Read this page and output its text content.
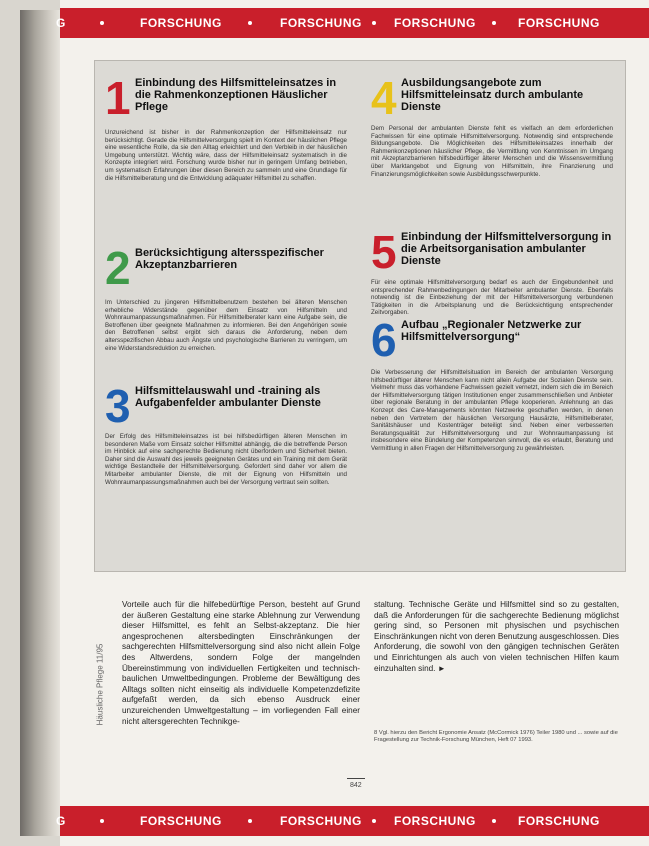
G	FORSCHUNG	FORSCHUNG	FORSCHUNG	FORSCHUNG
1 Einbindung des Hilfsmitteleinsatzes in die Rahmenkonzeptionen Häuslicher Pflege
Unzureichend ist bisher in der Rahmenkonzeption der Hilfsmitteleinsatz nur berücksichtigt. Gerade die Hilfsmittelversorgung spielt im Kontext der häuslichen Pflege eine wesentliche Rolle, da sie den Alltag erleichtert und den Verbleib in der häuslichen Umgebung unterstützt. Wichtig wäre, dass der Hilfsmitteleinsatz systematisch in die Konzepte integriert wird. Forschung wurde bisher nur in geringem Umfang betrieben, um systematisch Erfahrungen über diesen Bereich zu sammeln und eine Grundlage für die Hilfsmittelberatung und die Entwicklung adäquater Hilfsmittel zu schaffen.
2 Berücksichtigung altersspezifischer Akzeptanzbarrieren
Im Unterschied zu jüngeren Hilfsmittelbenutzern bestehen bei älteren Menschen erhebliche Widerstände gegenüber dem Einsatz von Hilfsmitteln und Wohnraumanpassungsmaßnahmen. Für Hilfsmittelberater kann eine Aufgabe sein, die Betroffenen über geeignete Maßnahmen zu informieren. Bei den Angehörigen sowie den Betroffenen selbst ergibt sich daraus die Anforderung, neben dem altersspezifischen Abbau auch Ängste und psychologische Barrieren zu verringern, um eine Widerstandsreduktion zu erreichen.
3 Hilfsmittelauswahl und -training als Aufgabenfelder ambulanter Dienste
Der Erfolg des Hilfsmitteleinsatzes ist bei hilfsbedürftigen älteren Menschen im besonderen Maße vom Einsatz solcher Hilfsmittel abhängig, die die betreffende Person im Hinblick auf eine sachgerechte Bedienung nicht überfordern und Sicherheit bieten. Daher sind die Auswahl des jeweils geeigneten Gerätes und ein Training mit dem Gerät wichtige Bestandteile der Hilfsmittelversorgung. Gefordert sind daher vor allem die Mitarbeiter ambulanter Dienste, die mit der Eignung von Hilfsmitteln und Wohnraumanpassungsmaßnahmen auch bei der Versorgung vertraut sein sollten.
4 Ausbildungsangebote zum Hilfsmitteleinsatz durch ambulante Dienste
Dem Personal der ambulanten Dienste fehlt es vielfach an dem erforderlichen Fachwissen für eine optimale Hilfsmittelversorgung. Notwendig sind entsprechende Bildungsangebote. Die Möglichkeiten des Hilfsmitteleinsatzes innerhalb der Rahmenkonzeptionen häuslicher Pflege, die Vermittlung von Kenntnissen im Umgang mit Akzeptanzbarrieren hilfsbedürftiger älterer Menschen und die Wissensvermittlung über Marktangebot und Eignung von Hilfsmitteln, ihre Finanzierung und Finanzierungsmöglichkeiten sowie Ausbildungsschwerpunkte.
5 Einbindung der Hilfsmittelversorgung in die Arbeitsorganisation ambulanter Dienste
Für eine optimale Hilfsmittelversorgung bedarf es auch der Eingebundenheit und entsprechender Rahmenbedingungen der Mitarbeiter ambulanter Dienste. Ebenfalls notwendig ist die Einbeziehung der mit der Hilfsmittelversorgung verbundenen Tätigkeiten in die Arbeitsplanung und die Berücksichtigung entsprechender Zeitvorgaben.
6 Aufbau „Regionaler Netzwerke zur Hilfsmittelversorgung“
Die Verbesserung der Hilfsmittelsituation im Bereich der ambulanten Versorgung hilfsbedürftiger älterer Menschen kann nicht allein Aufgabe der Sozialen Dienste sein. Vielmehr muss das vorhandene Fachwissen gezielt vernetzt, indem sich die im Bereich der Hilfsmittelversorgung tätigen Institutionen enger zusammenschließen und Anbieter über regionale Beratung in der ambulanten Pflege kooperieren. Anlehnung an das Konzept des Care-Managements könnten Netzwerke geschaffen werden, in denen neben den Vertretern der häuslichen Versorgung Hausärzte, Hilfsmittelberater, Sanitätshäuser und Kostenträger beteiligt sind. Neben einer verbesserten Beratungsqualität zur Hilfsmittelversorgung und zur Wohnraumanpassung ist insbesondere eine Bündelung der Kompetenzen sinnvoll, die es erlaubt, Beratung und Vermittlung in allen Fragen der Hilfsmittelversorgung zu gewährleisten.
Häusliche Pflege 11/95
Vorteile auch für die hilfebedürftige Person, besteht auf Grund der äußeren Gestaltung eine starke Ablehnung zur Verwendung dieser Hilfsmittel, es fehlt an Selbst-akzeptanz. Die hier angesprochenen altersbedingten Einschränkungen der sachgerechten Hilfsmittelversorgung sind also nicht allein Folge des Altwerdens, sondern Folge der mangelnden Übereinstimmung von individuellen Fertigkeiten und technisch-baulichen Umweltbedingungen. Probleme der Bewältigung des Alltags sollten nicht einseitig als individuelle Kompetenzdefizite aufgefaßt werden, da sich ebenso Ausdruck einer unzureichenden Umweltgestaltung – im vorliegenden Fall einer nicht altersgerechten Technikge-
staltung. Technische Geräte und Hilfsmittel sind so zu gestalten, daß die Anforderungen für die sachgerechte Bedienung möglichst gering sind, so Personen mit physischen und psychischen Einschränkungen nicht von deren Benutzung ausgeschlossen. Dies Anforderung, die sowohl von den gängigen technischen Geräten und Einrichtungen als auch von vielen technischen Hilfen kaum einzuhalten sind. ►
8 Vgl. hierzu den Bericht Ergonomie Ansatz (McCormick 1976) Teiler 1980 und ... sowie auf die Fragestellung zur Technik-Forschung München, Heft 07 1993.
842
G	FORSCHUNG	FORSCHUNG	FORSCHUNG	FORSCHUNG
